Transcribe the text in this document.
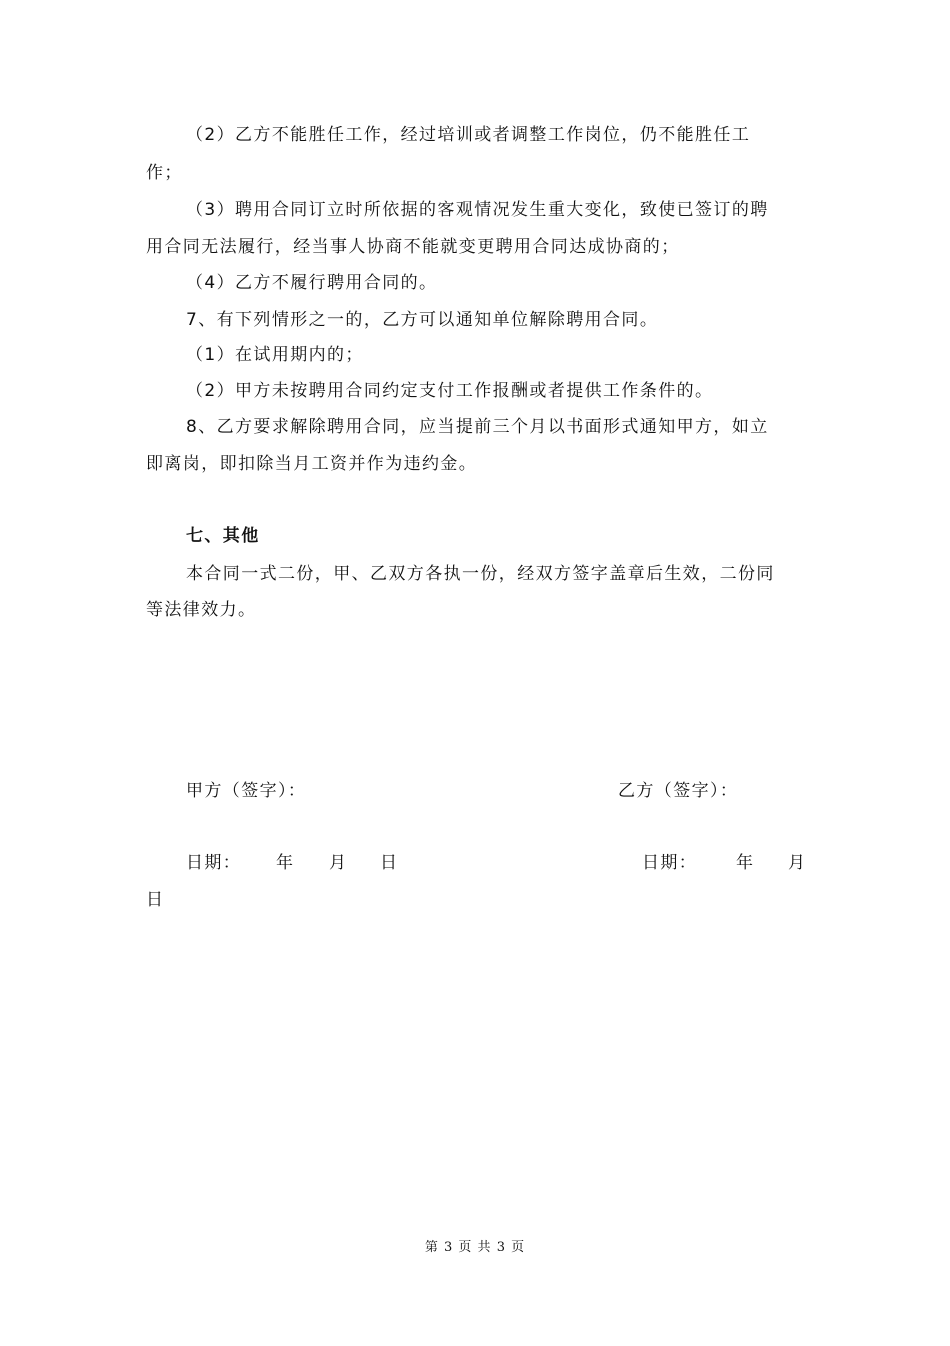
（2）乙方不能胜任工作，经过培训或者调整工作岗位，仍不能胜任工
作；
（3）聘用合同订立时所依据的客观情况发生重大变化，致使已签订的聘
用合同无法履行，经当事人协商不能就变更聘用合同达成协商的；
（4）乙方不履行聘用合同的。
7、有下列情形之一的，乙方可以通知单位解除聘用合同。
（1）在试用期内的；
（2）甲方未按聘用合同约定支付工作报酬或者提供工作条件的。
8、乙方要求解除聘用合同，应当提前三个月以书面形式通知甲方，如立
即离岗，即扣除当月工资并作为违约金。
七、其他
本合同一式二份，甲、乙双方各执一份，经双方签字盖章后生效，二份同
等法律效力。
甲方（签字）：	乙方（签字）：
日期： 年 月 日	日期： 年 月
日
第 3 页 共 3 页
